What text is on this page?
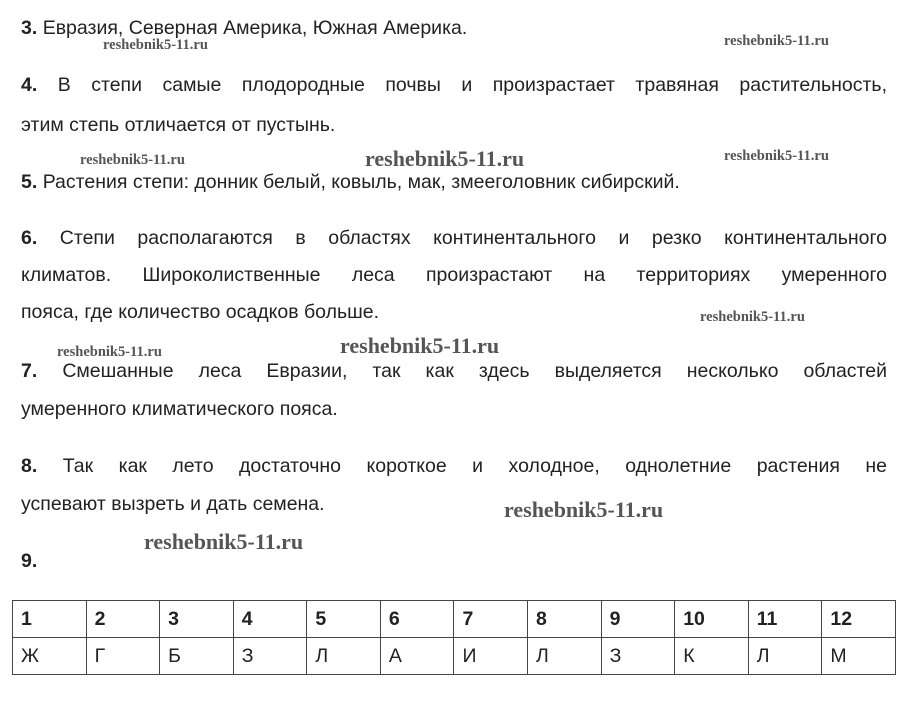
3. Евразия, Северная Америка, Южная Америка.
4. В степи самые плодородные почвы и произрастает травяная растительность,
этим степь отличается от пустынь.
5. Растения степи: донник белый, ковыль, мак, змееголовник сибирский.
6. Степи располагаются в областях континентального и резко континентального
климатов. Широколиственные леса произрастают на территориях умеренного
пояса, где количество осадков больше.
7. Смешанные леса Евразии, так как здесь выделяется несколько областей
умеренного климатического пояса.
8. Так как лето достаточно короткое и холодное, однолетние растения не
успевают вызреть и дать семена.
9.
reshebnik5-11.ru	reshebnik5-11.ru
reshebnik5-11.ru	reshebnik5-11.ru	reshebnik5-11.ru
reshebnik5-11.ru
reshebnik5-11.ru	reshebnik5-11.ru
reshebnik5-11.ru
reshebnik5-11.ru
1	2	3	4	5	6	7	8	9	10	11	12
Ж	Г	Б	З	Л	А	И	Л	З	К	Л	М
